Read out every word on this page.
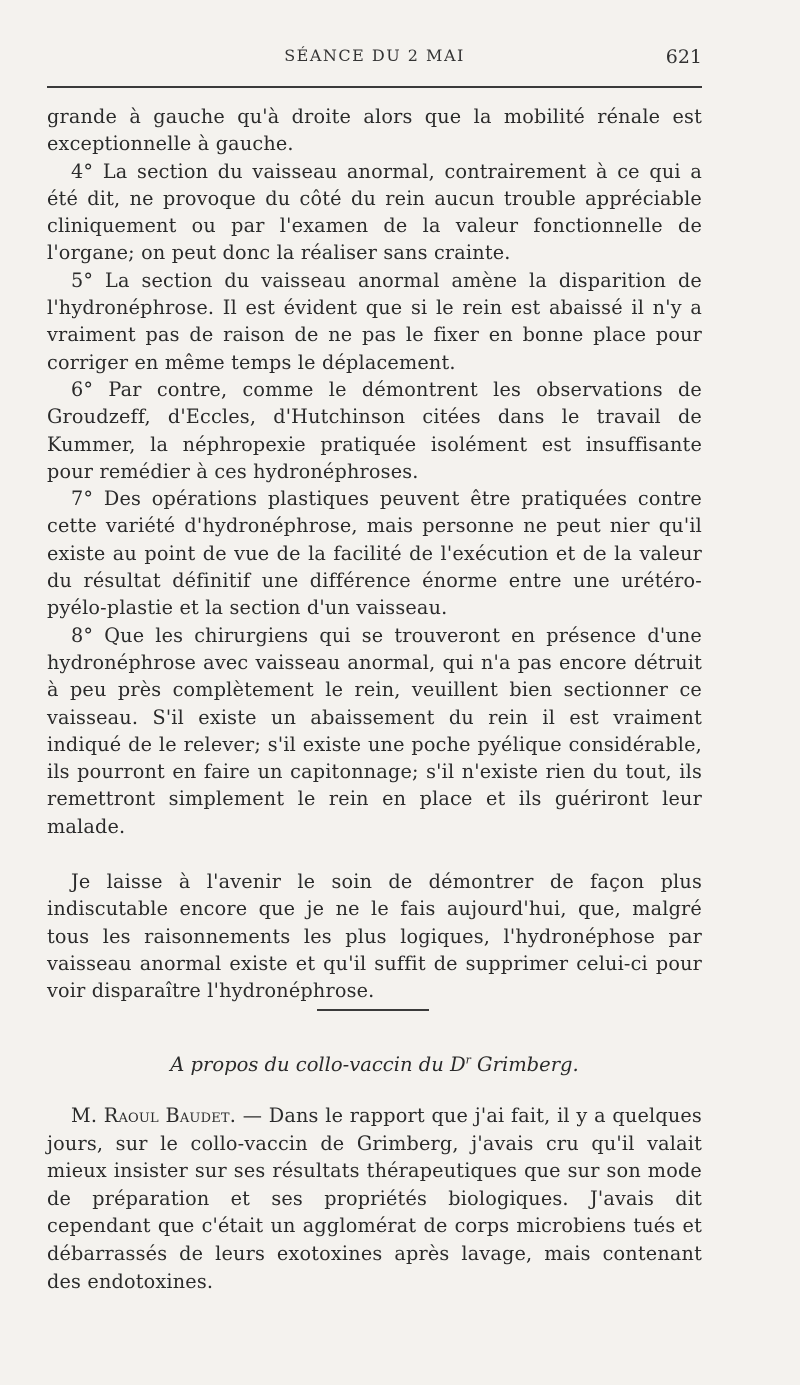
SÉANCE DU 2 MAI	621

grande à gauche qu'à droite alors que la mobilité rénale est exceptionnelle à gauche.

4° La section du vaisseau anormal, contrairement à ce qui a été dit, ne provoque du côté du rein aucun trouble appréciable cliniquement ou par l'examen de la valeur fonctionnelle de l'organe; on peut donc la réaliser sans crainte.

5° La section du vaisseau anormal amène la disparition de l'hydronéphrose. Il est évident que si le rein est abaissé il n'y a vraiment pas de raison de ne pas le fixer en bonne place pour corriger en même temps le déplacement.

6° Par contre, comme le démontrent les observations de Groudzeff, d'Eccles, d'Hutchinson citées dans le travail de Kummer, la néphropexie pratiquée isolément est insuffisante pour remédier à ces hydronéphroses.

7° Des opérations plastiques peuvent être pratiquées contre cette variété d'hydronéphrose, mais personne ne peut nier qu'il existe au point de vue de la facilité de l'exécution et de la valeur du résultat définitif une différence énorme entre une urétéro-pyélo-plastie et la section d'un vaisseau.

8° Que les chirurgiens qui se trouveront en présence d'une hydronéphrose avec vaisseau anormal, qui n'a pas encore détruit à peu près complètement le rein, veuillent bien sectionner ce vaisseau. S'il existe un abaissement du rein il est vraiment indiqué de le relever; s'il existe une poche pyélique considérable, ils pourront en faire un capitonnage; s'il n'existe rien du tout, ils remettront simplement le rein en place et ils guériront leur malade.

Je laisse à l'avenir le soin de démontrer de façon plus indiscutable encore que je ne le fais aujourd'hui, que, malgré tous les raisonnements les plus logiques, l'hydronéphose par vaisseau anormal existe et qu'il suffit de supprimer celui-ci pour voir disparaître l'hydronéphrose.

A propos du collo-vaccin du $D^r$ Grimberg.

M. Raoul Baudet. — Dans le rapport que j'ai fait, il y a quelques jours, sur le collo-vaccin de Grimberg, j'avais cru qu'il valait mieux insister sur ses résultats thérapeutiques que sur son mode de préparation et ses propriétés biologiques. J'avais dit cependant que c'était un agglomérat de corps microbiens tués et débarrassés de leurs exotoxines après lavage, mais contenant des endotoxines.
